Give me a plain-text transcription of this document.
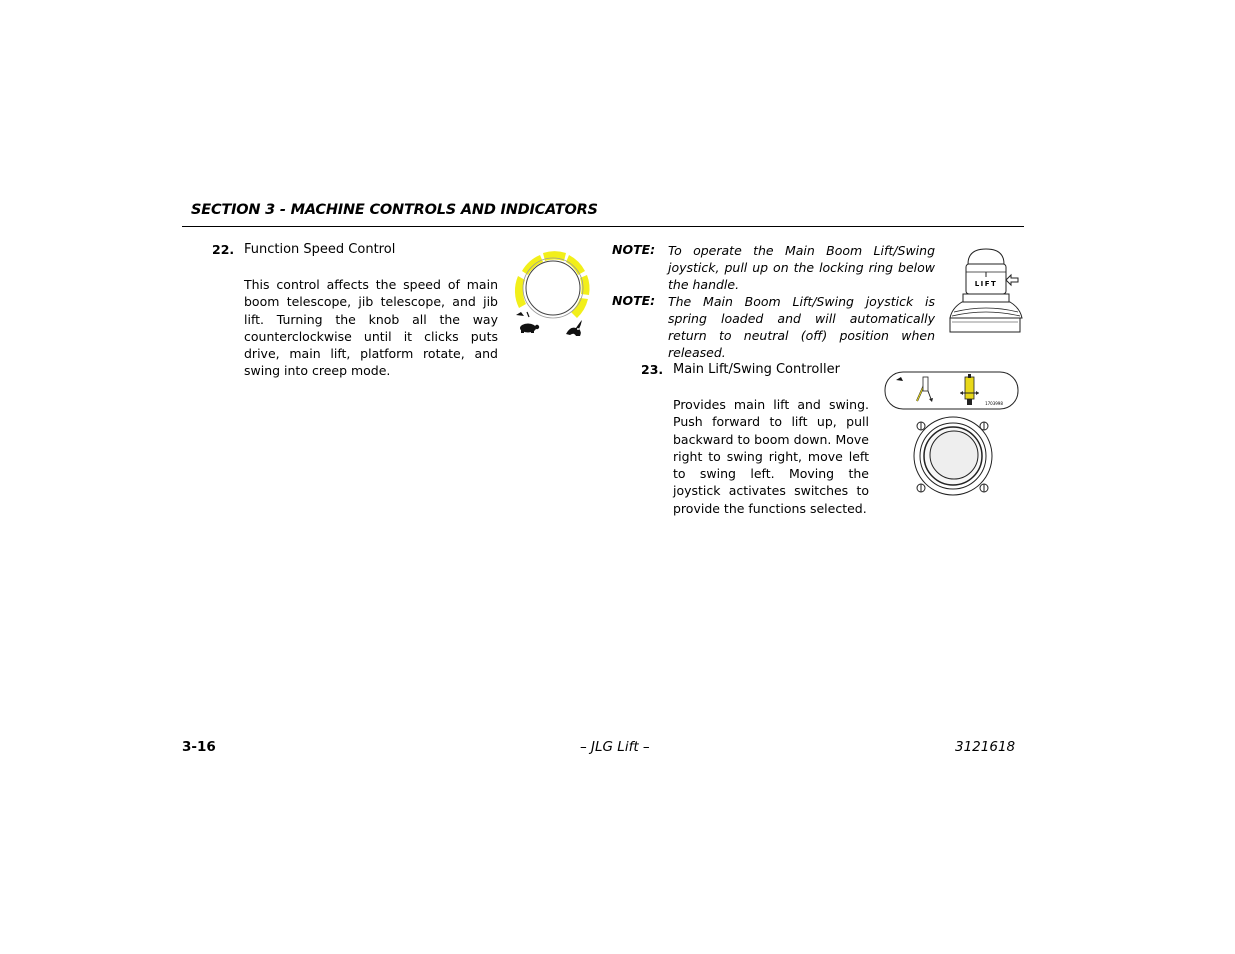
SECTION 3 - MACHINE CONTROLS AND INDICATORS
22. Function Speed Control
This control affects the speed of main boom telescope, jib telescope, and jib lift. Turning the knob all the way counterclockwise until it clicks puts drive, main lift, platform rotate, and swing into creep mode.
NOTE: To operate the Main Boom Lift/Swing joystick, pull up on the locking ring below the handle.
NOTE: The Main Boom Lift/Swing joystick is spring loaded and will automatically return to neutral (off) position when released.
LIFT
23. Main Lift/Swing Controller
Provides main lift and swing. Push forward to lift up, pull backward to boom down. Move right to swing right, move left to swing left. Moving the joystick activates switches to provide the functions selected.
1703998
3-16	– JLG Lift –	3121618
